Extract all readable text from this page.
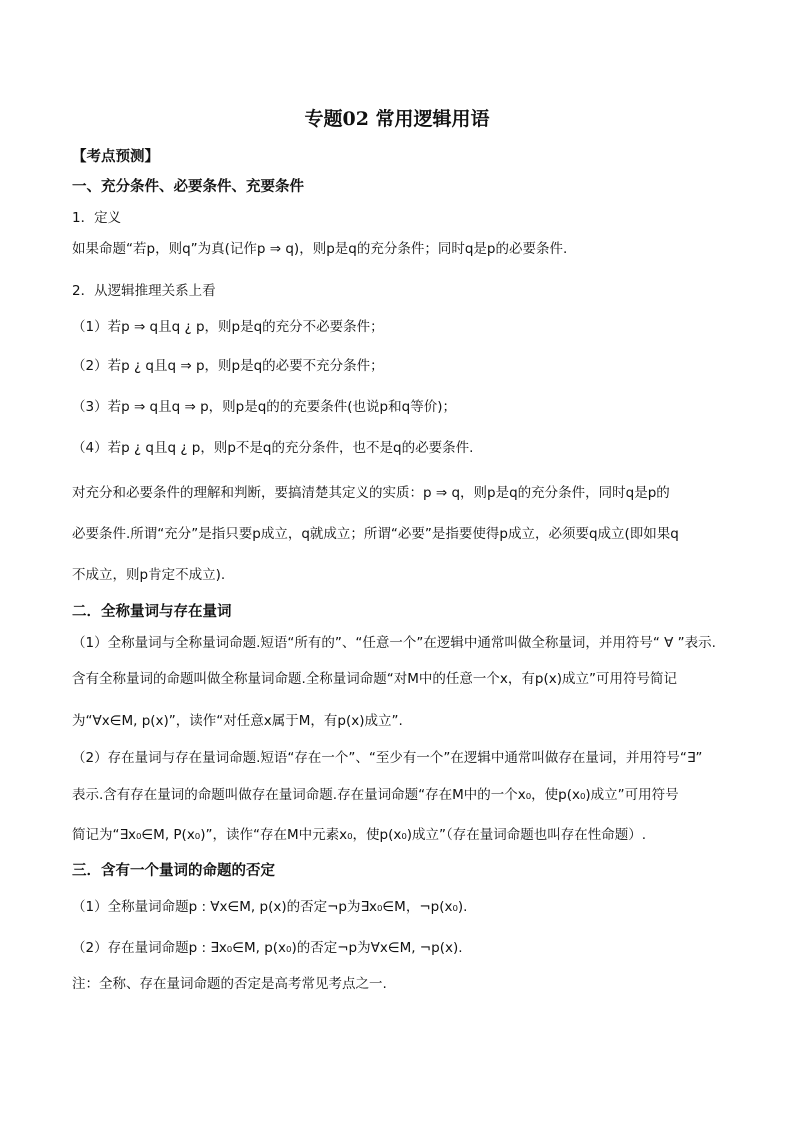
专题02 常用逻辑用语
【考点预测】
一、充分条件、必要条件、充要条件
1．定义
如果命题“若p，则q”为真(记作p ⇒ q)，则p是q的充分条件；同时q是p的必要条件.
2．从逻辑推理关系上看
（1）若p ⇒ q且q ¿ p，则p是q的充分不必要条件；
（2）若p ¿ q且q ⇒ p，则p是q的必要不充分条件；
（3）若p ⇒ q且q ⇒ p，则p是q的的充要条件(也说p和q等价)；
（4）若p ¿ q且q ¿ p，则p不是q的充分条件，也不是q的必要条件.
对充分和必要条件的理解和判断，要搞清楚其定义的实质：p ⇒ q，则p是q的充分条件，同时q是p的
必要条件.所谓“充分”是指只要p成立，q就成立；所谓“必要”是指要使得p成立，必须要q成立(即如果q
不成立，则p肯定不成立).
二．全称量词与存在量词
（1）全称量词与全称量词命题.短语“所有的”、“任意一个”在逻辑中通常叫做全称量词，并用符号“ ∀ ”表示.
含有全称量词的命题叫做全称量词命题.全称量词命题“对M中的任意一个x，有p(x)成立”可用符号简记
为“∀x∈M, p(x)”，读作“对任意x属于M，有p(x)成立”.
（2）存在量词与存在量词命题.短语“存在一个”、“至少有一个”在逻辑中通常叫做存在量词，并用符号“∃”
表示.含有存在量词的命题叫做存在量词命题.存在量词命题“存在M中的一个x₀，使p(x₀)成立”可用符号
简记为“∃x₀∈M, P(x₀)”，读作“存在M中元素x₀，使p(x₀)成立”（存在量词命题也叫存在性命题）.
三．含有一个量词的命题的否定
（1）全称量词命题p : ∀x∈M, p(x)的否定¬p为∃x₀∈M，¬p(x₀).
（2）存在量词命题p : ∃x₀∈M, p(x₀)的否定¬p为∀x∈M, ¬p(x).
注：全称、存在量词命题的否定是高考常见考点之一.
